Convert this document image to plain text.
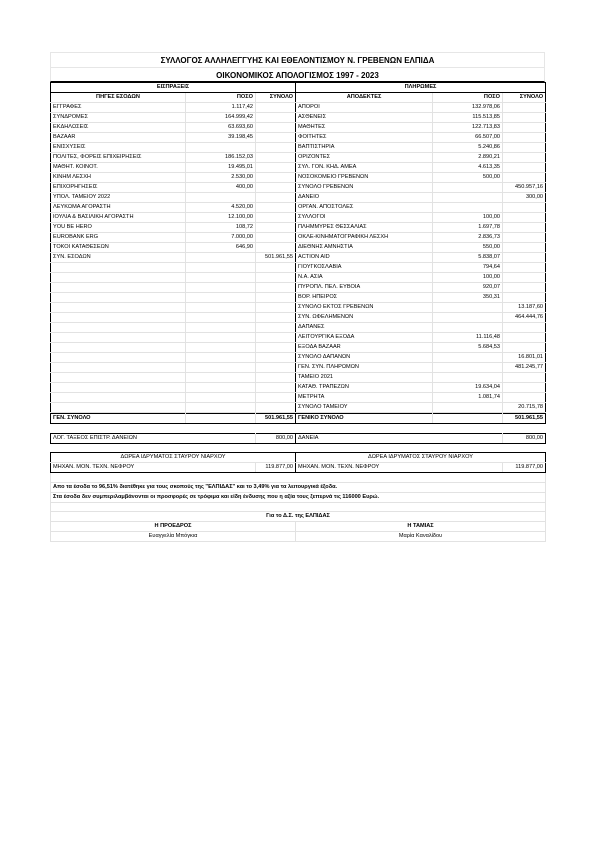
ΣΥΛΛΟΓΟΣ ΑΛΛΗΛΕΓΓΥΗΣ ΚΑΙ ΕΘΕΛΟΝΤΙΣΜΟΥ Ν. ΓΡΕΒΕΝΩΝ ΕΛΠΙΔΑ
ΟΙΚΟΝΟΜΙΚΟΣ ΑΠΟΛΟΓΙΣΜΟΣ 1997 - 2023
ΕΙΣΠΡΑΞΕΙΣ			ΠΛΗΡΩΜΕΣ		
ΠΗΓΕΣ ΕΣΟΔΩΝ	ΠΟΣΟ	ΣΥΝΟΛΟ	ΑΠΟΔΕΚΤΕΣ	ΠΟΣΟ	ΣΥΝΟΛΟ
ΕΓΓΡΑΦΕΣ	1.117,42		ΑΠΟΡΟΙ	132.978,06	
ΣΥΝΔΡΟΜΕΣ	164.999,42		ΑΣΘΕΝΕΙΣ	115.513,85	
ΕΚΔΗΛΩΣΕΙΣ	63.693,60		ΜΑΘΗΤΕΣ	122.713,83	
BAZAAR	39.198,45		ΦΟΙΤΗΤΕΣ	66.507,00	
ΕΝΙΣΧΥΣΕΙΣ			ΒΑΠΤΙΣΤΗΡΙΑ	5.240,86	
ΠΟΛΙΤΕΣ, ΦΟΡΕΙΣ ΕΠΙΧΕΙΡΗΣΕΙΣ	186.152,03		ΟΡΙΖΟΝΤΕΣ	2.890,21	
ΜΑΘΗΤ. ΚΟΙΝΟΤ.	19.495,01		ΣΥΛ. ΓΟΝ. ΚΗΔ. ΑΜΕΑ	4.613,35	
ΚΙΝΗΜ ΛΕΣΧΗ	2.530,00		ΝΟΣΟΚΟΜΕΙΟ ΓΡΕΒΕΝΩΝ	500,00	
ΕΠΙΧΟΡΗΓΗΣΕΙΣ	400,00		ΣΥΝΟΛΟ ΓΡΕΒΕΝΩΝ		450.957,16
ΥΠΟΛ. ΤΑΜΕΙΟΥ 2022			ΔΑΝΕΙΟ		300,00
ΛΕΥΚΩΜΑ ΑΓΟΡΑΣΤΗ	4.520,00		ΟΡΓΑΝ. ΑΠΟΣΤΟΛΕΣ		
ΙΟΥΛΙΑ & ΒΑΣΙΛΙΚΗ ΑΓΟΡΑΣΤΗ	12.100,00		ΣΥΛΛΟΓΟΙ	100,00	
YOU BE HERO	108,72		ΠΛΗΜΜΥΡΕΣ ΘΕΣΣΑΛΙΑΣ	1.697,78	
EUROBANK ERG	7.000,00		ΟΚΛΕ-ΚΙΝΗΜΑΤΟΓΡΑΦΙΚΗ ΛΕΣΧΗ	2.836,73	
ΤΟΚΟΙ ΚΑΤΑΘΕΣΕΩΝ	646,90		ΔΙΕΘΝΗΣ ΑΜΝΗΣΤΙΑ	550,00	
ΣΥΝ. ΕΣΟΔΩΝ		501.961,55	ACTION AID	5.838,07	
			ΓΙΟΥΓΚΟΣΛΑΒΙΑ	794,64	
			Ν.Α. ΑΣΙΑ	100,00	
			ΠΥΡΟΠΛ. ΠΕΛ. ΕΥΒΟΙΑ	920,07	
			ΒΟΡ. ΗΠΕΙΡΟΣ	350,31	
			ΣΥΝΟΛΟ ΕΚΤΟΣ ΓΡΕΒΕΝΩΝ		13.187,60
			ΣΥΝ. ΩΦΕΛΗΜΕΝΩΝ		464.444,76
			ΔΑΠΑΝΕΣ		
			ΛΕΙΤΟΥΡΓΙΚΑ ΕΞΟΔΑ	11.116,48	
			ΕΞΟΔΑ BAZAAR	5.684,53	
			ΣΥΝΟΛΟ ΔΑΠΑΝΩΝ		16.801,01
			ΓΕΝ. ΣΥΝ. ΠΛΗΡΩΜΩΝ		481.245,77
			ΤΑΜΕΙΟ 2021		
			ΚΑΤΑΘ. ΤΡΑΠΕΖΩΝ	19.634,04	
			ΜΕΤΡΗΤΑ	1.081,74	
			ΣΥΝΟΛΟ ΤΑΜΕΙΟΥ		20.715,78
ΓΕΝ. ΣΥΝΟΛΟ		501.961,55	ΓΕΝΙΚΟ ΣΥΝΟΛΟ		501.961,55

ΛΟΓ. ΤΑΞΕΟΣ ΕΠΙΣΤΡ. ΔΑΝΕΙΩΝ		800,00	ΔΑΝΕΙΑ		800,00

ΔΩΡΕΑ ΙΔΡΥΜΑΤΟΣ ΣΤΑΥΡΟΥ ΝΙΑΡΧΟΥ			ΔΩΡΕΑ ΙΔΡΥΜΑΤΟΣ ΣΤΑΥΡΟΥ ΝΙΑΡΧΟΥ		
ΜΗΧΑΝ. ΜΟΝ. ΤΕΧΝ. ΝΕΦΡΟΥ		119.877,00	ΜΗΧΑΝ. ΜΟΝ. ΤΕΧΝ. ΝΕΦΡΟΥ		119.877,00

Απο τα έσοδα το 96,51% διατέθηκε για τους σκοπούς της "ΕΛΠΙΔΑΣ" και το 3,49% για τα λειτουργικά έξοδα.					
Στα έσοδα δεν συμπεριλαμβάνονται οι προσφορές σε τρόφιμα και είδη ένδυσης που η αξία τους ξεπερνά τις 116000 Ευρώ.					

Για το Δ.Σ. της ΕΛΠΙΔΑΣ					
Η ΠΡΟΕΔΡΟΣ			Η ΤΑΜΙΑΣ		
Ευαγγελία Μπόγκια			Μαρία Καναλίδου		
